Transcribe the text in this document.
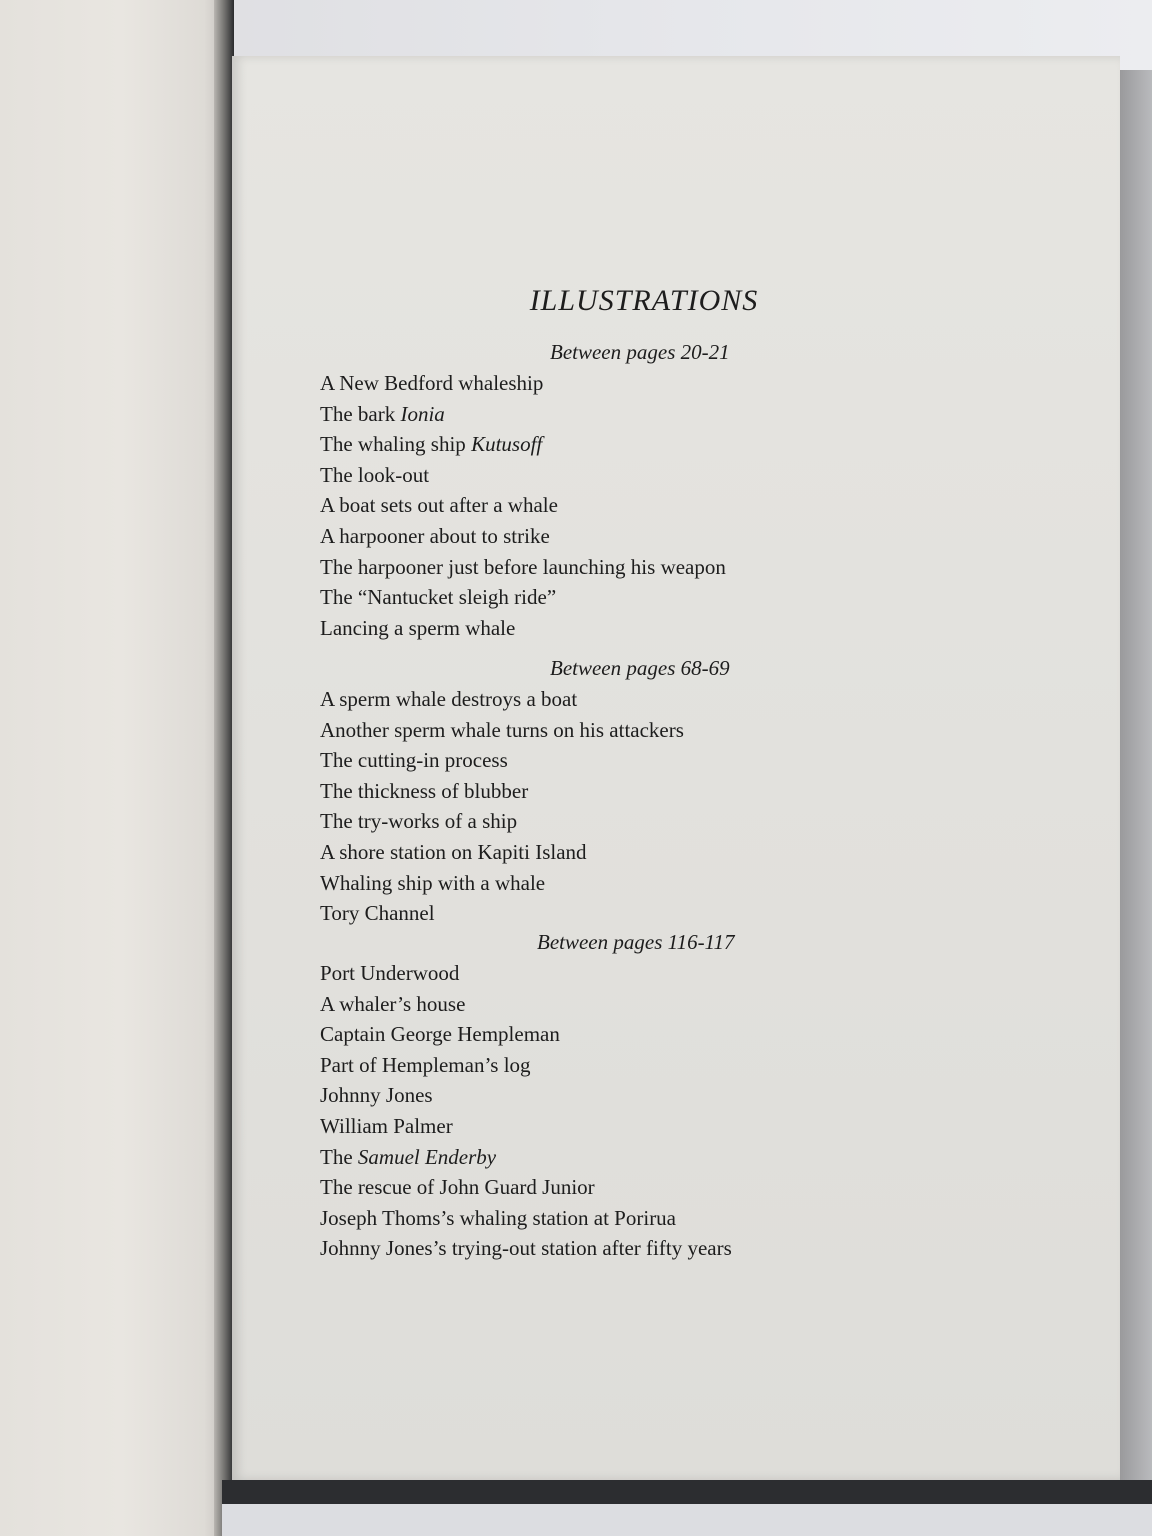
ILLUSTRATIONS
Between pages 20-21
A New Bedford whaleship
The bark Ionia
The whaling ship Kutusoff
The look-out
A boat sets out after a whale
A harpooner about to strike
The harpooner just before launching his weapon
The “Nantucket sleigh ride”
Lancing a sperm whale
Between pages 68-69
A sperm whale destroys a boat
Another sperm whale turns on his attackers
The cutting-in process
The thickness of blubber
The try-works of a ship
A shore station on Kapiti Island
Whaling ship with a whale
Tory Channel
Between pages 116-117
Port Underwood
A whaler’s house
Captain George Hempleman
Part of Hempleman’s log
Johnny Jones
William Palmer
The Samuel Enderby
The rescue of John Guard Junior
Joseph Thoms’s whaling station at Porirua
Johnny Jones’s trying-out station after fifty years
